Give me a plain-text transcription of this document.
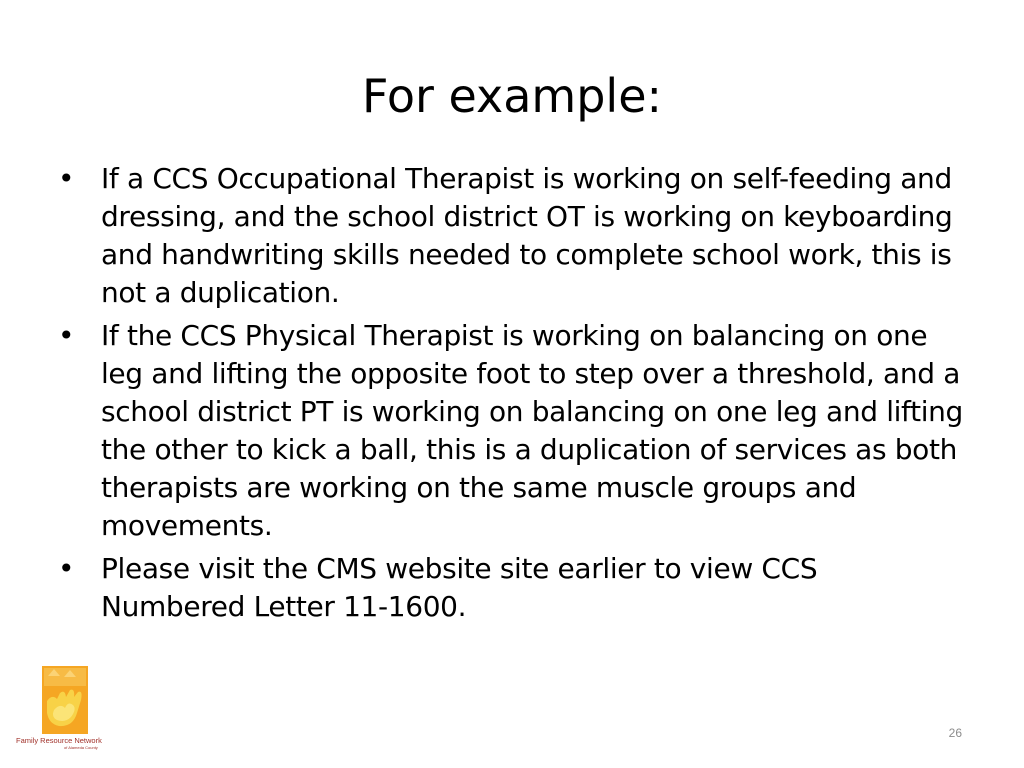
For example:
• If a CCS Occupational Therapist is working on self-feeding and dressing, and the school district OT is working on keyboarding and handwriting skills needed to complete school work, this is not a duplication.
• If the CCS Physical Therapist is working on balancing on one leg and lifting the opposite foot to step over a threshold, and a school district PT is working on balancing on one leg and lifting the other to kick a ball, this is a duplication of services as both therapists are working on the same muscle groups and movements.
• Please visit the CMS website site earlier to view CCS Numbered Letter 11-1600.
Family Resource Network
of Alameda County
26
